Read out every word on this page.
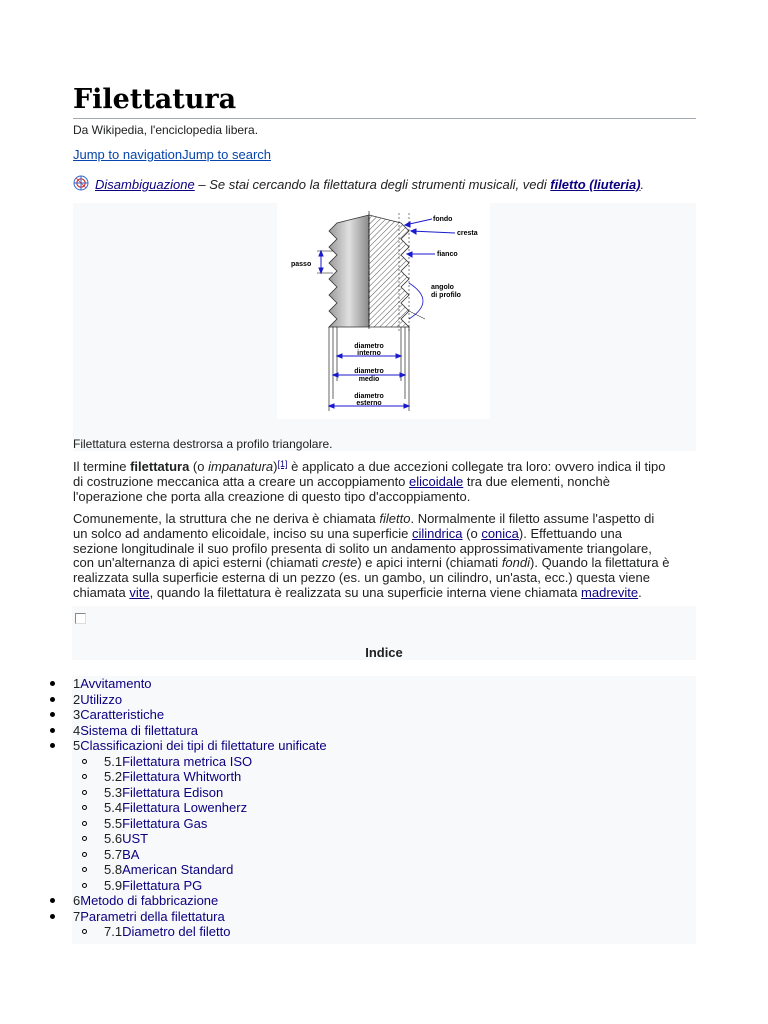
Filettatura
Da Wikipedia, l'enciclopedia libera.
Jump to navigationJump to search
Disambiguazione – Se stai cercando la filettatura degli strumenti musicali, vedi filetto (liuteria).
fondo
cresta
fianco
angolo
di profilo
passo
diametro
interno
diametro
medio
diametro
esterno
Filettatura esterna destrorsa a profilo triangolare.
Il termine filettatura (o impanatura)[1] è applicato a due accezioni collegate tra loro: ovvero indica il tipo
di costruzione meccanica atta a creare un accoppiamento elicoidale tra due elementi, nonchè
l'operazione che porta alla creazione di questo tipo d'accoppiamento.
Comunemente, la struttura che ne deriva è chiamata filetto. Normalmente il filetto assume l'aspetto di
un solco ad andamento elicoidale, inciso su una superficie cilindrica (o conica). Effettuando una
sezione longitudinale il suo profilo presenta di solito un andamento approssimativamente triangolare,
con un'alternanza di apici esterni (chiamati creste) e apici interni (chiamati fondi). Quando la filettatura è
realizzata sulla superficie esterna di un pezzo (es. un gambo, un cilindro, un'asta, ecc.) questa viene
chiamata vite, quando la filettatura è realizzata su una superficie interna viene chiamata madrevite.
Indice
1Avvitamento
2Utilizzo
3Caratteristiche
4Sistema di filettatura
5Classificazioni dei tipi di filettature unificate
5.1Filettatura metrica ISO
5.2Filettatura Whitworth
5.3Filettatura Edison
5.4Filettatura Lowenherz
5.5Filettatura Gas
5.6UST
5.7BA
5.8American Standard
5.9Filettatura PG
6Metodo di fabbricazione
7Parametri della filettatura
7.1Diametro del filetto
